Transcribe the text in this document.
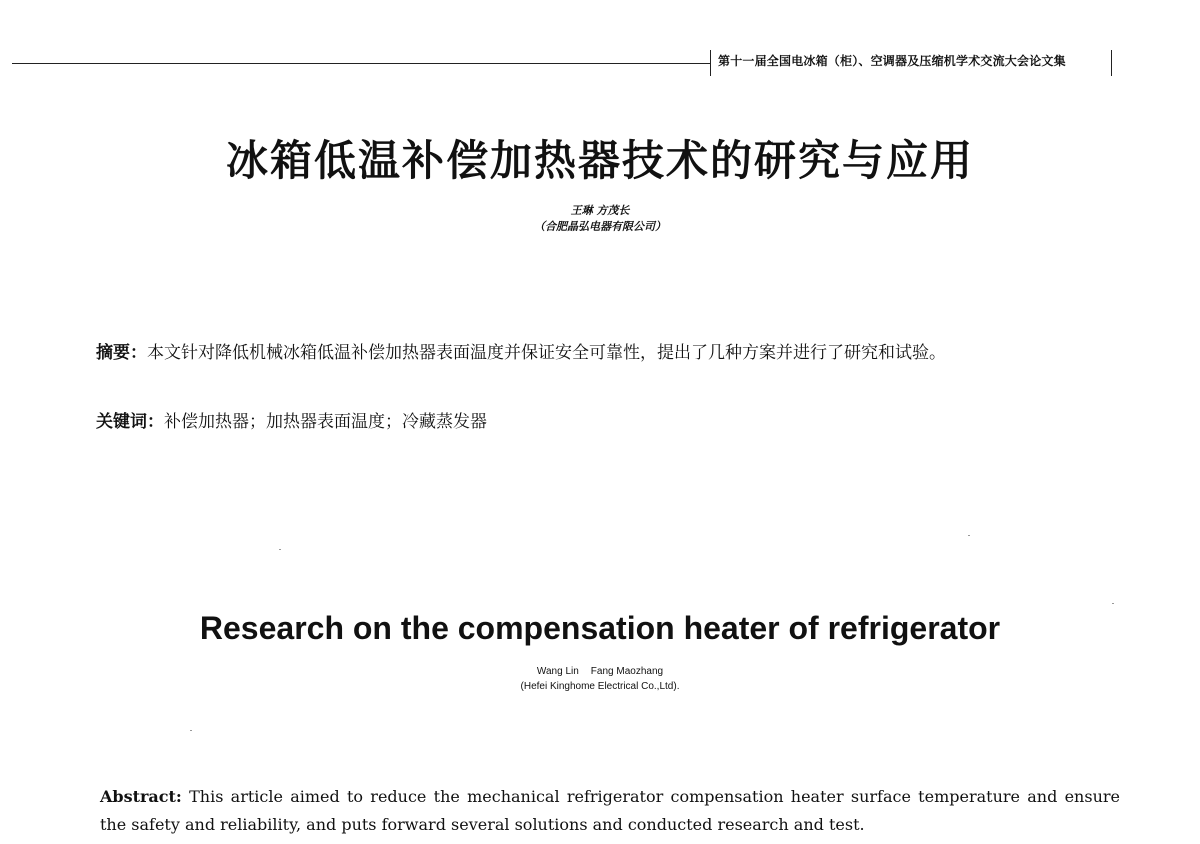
第十一届全国电冰箱（柜）、空调器及压缩机学术交流大会论文集
冰箱低温补偿加热器技术的研究与应用
王琳 方茂长
（合肥晶弘电器有限公司）
摘要：本文针对降低机械冰箱低温补偿加热器表面温度并保证安全可靠性，提出了几种方案并进行了研究和试验。
关键词：补偿加热器；加热器表面温度；冷藏蒸发器
Research on the compensation heater of refrigerator
Wang Lin Fang Maozhang
(Hefei Kinghome Electrical Co.,Ltd).
Abstract: This article aimed to reduce the mechanical refrigerator compensation heater surface temperature and ensure the safety and reliability, and puts forward several solutions and conducted research and test.
